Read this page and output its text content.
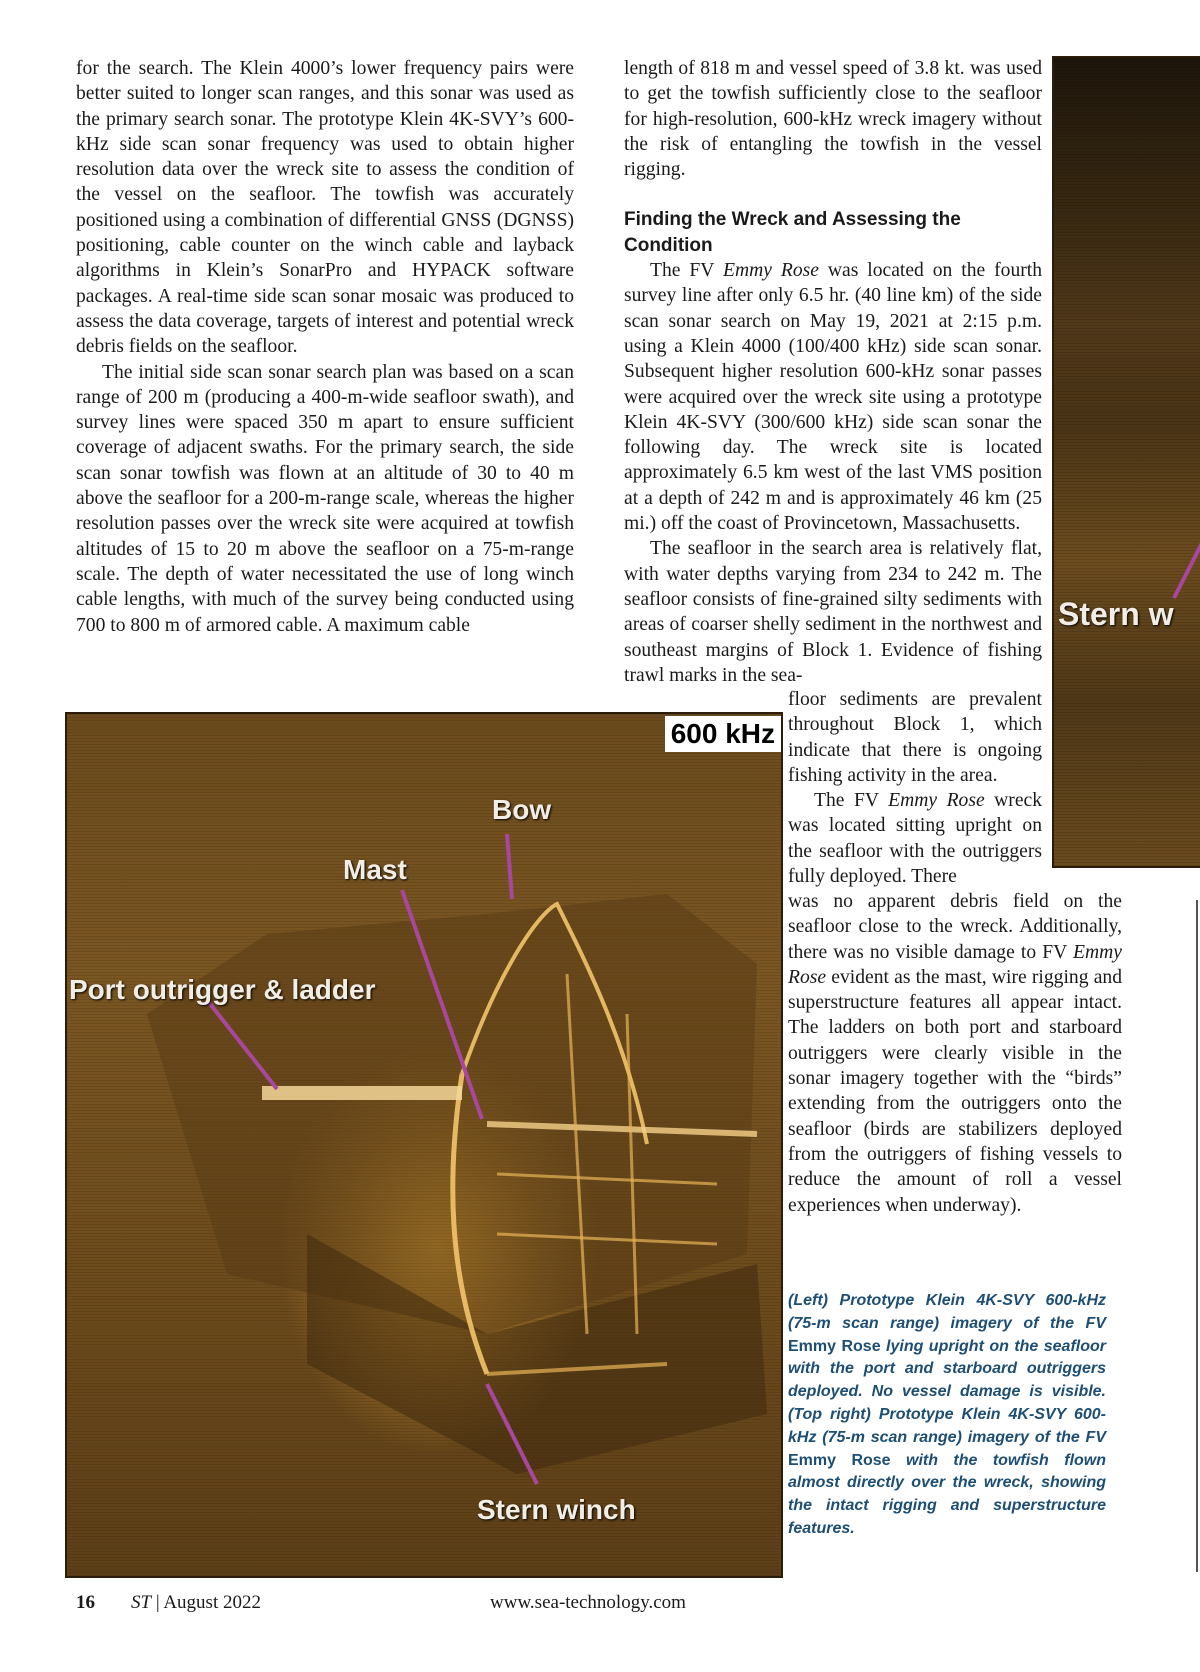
for the search. The Klein 4000’s lower frequency pairs were better suited to longer scan ranges, and this sonar was used as the primary search sonar. The prototype Klein 4K-SVY’s 600-kHz side scan sonar frequency was used to obtain higher resolution data over the wreck site to assess the condition of the vessel on the seafloor. The towfish was accurately positioned using a combination of differential GNSS (DGNSS) positioning, cable counter on the winch cable and layback algorithms in Klein’s SonarPro and HYPACK software packages. A real-time side scan sonar mosaic was produced to assess the data coverage, targets of interest and potential wreck debris fields on the seafloor.

The initial side scan sonar search plan was based on a scan range of 200 m (producing a 400-m-wide seafloor swath), and survey lines were spaced 350 m apart to ensure sufficient coverage of adjacent swaths. For the primary search, the side scan sonar towfish was flown at an altitude of 30 to 40 m above the seafloor for a 200-m-range scale, whereas the higher resolution passes over the wreck site were acquired at towfish altitudes of 15 to 20 m above the seafloor on a 75-m-range scale. The depth of water necessitated the use of long winch cable lengths, with much of the survey being conducted using 700 to 800 m of armored cable. A maximum cable

length of 818 m and vessel speed of 3.8 kt. was used to get the towfish sufficiently close to the seafloor for high-resolution, 600-kHz wreck imagery without the risk of entangling the towfish in the vessel rigging.

Finding the Wreck and Assessing the Condition

The FV Emmy Rose was located on the fourth survey line after only 6.5 hr. (40 line km) of the side scan sonar search on May 19, 2021 at 2:15 p.m. using a Klein 4000 (100/400 kHz) side scan sonar. Subsequent higher resolution 600-kHz sonar passes were acquired over the wreck site using a prototype Klein 4K-SVY (300/600 kHz) side scan sonar the following day. The wreck site is located approximately 6.5 km west of the last VMS position at a depth of 242 m and is approximately 46 km (25 mi.) off the coast of Provincetown, Massachusetts.

The seafloor in the search area is relatively flat, with water depths varying from 234 to 242 m. The seafloor consists of fine-grained silty sediments with areas of coarser shelly sediment in the northwest and southeast margins of Block 1. Evidence of fishing trawl marks in the sea-

floor sediments are prevalent throughout Block 1, which indicate that there is ongoing fishing activity in the area.

The FV Emmy Rose wreck was located sitting upright on the seafloor with the outriggers fully deployed. There

was no apparent debris field on the seafloor close to the wreck. Additionally, there was no visible damage to FV Emmy Rose evident as the mast, wire rigging and superstructure features all appear intact. The ladders on both port and starboard outriggers were clearly visible in the sonar imagery together with the “birds” extending from the outriggers onto the seafloor (birds are stabilizers deployed from the outriggers of fishing vessels to reduce the amount of roll a vessel experiences when underway).

600 kHz
Bow
Mast
Port outrigger & ladder
Stern winch
Stern w
(Left) Prototype Klein 4K-SVY 600-kHz (75-m scan range) imagery of the FV Emmy Rose lying upright on the seafloor with the port and starboard outriggers deployed. No vessel damage is visible. (Top right) Prototype Klein 4K-SVY 600-kHz (75-m scan range) imagery of the FV Emmy Rose with the towfish flown almost directly over the wreck, showing the intact rigging and superstructure features.
16 ST | August 2022	www.sea-technology.com
